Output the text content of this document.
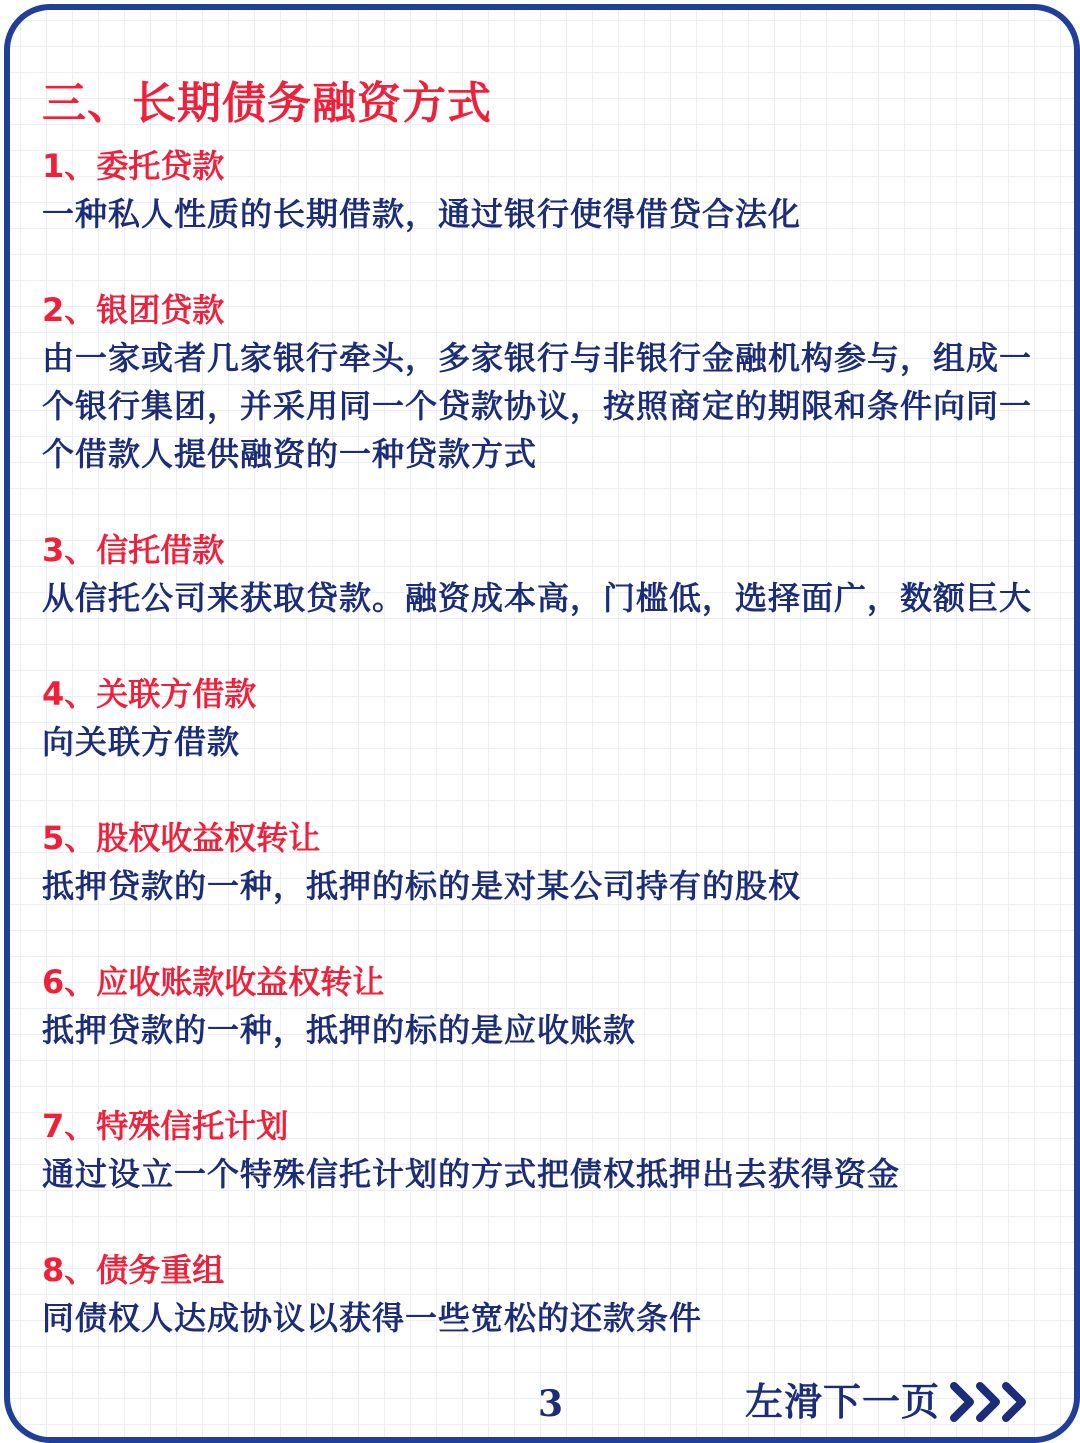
三、长期债务融资方式
1、委托贷款
一种私人性质的长期借款，通过银行使得借贷合法化
2、银团贷款
由一家或者几家银行牵头，多家银行与非银行金融机构参与，组成一个银行集团，并采用同一个贷款协议，按照商定的期限和条件向同一个借款人提供融资的一种贷款方式
3、信托借款
从信托公司来获取贷款。融资成本高，门槛低，选择面广，数额巨大
4、关联方借款
向关联方借款
5、股权收益权转让
抵押贷款的一种，抵押的标的是对某公司持有的股权
6、应收账款收益权转让
抵押贷款的一种，抵押的标的是应收账款
7、特殊信托计划
通过设立一个特殊信托计划的方式把债权抵押出去获得资金
8、债务重组
同债权人达成协议以获得一些宽松的还款条件
3	左滑下一页
